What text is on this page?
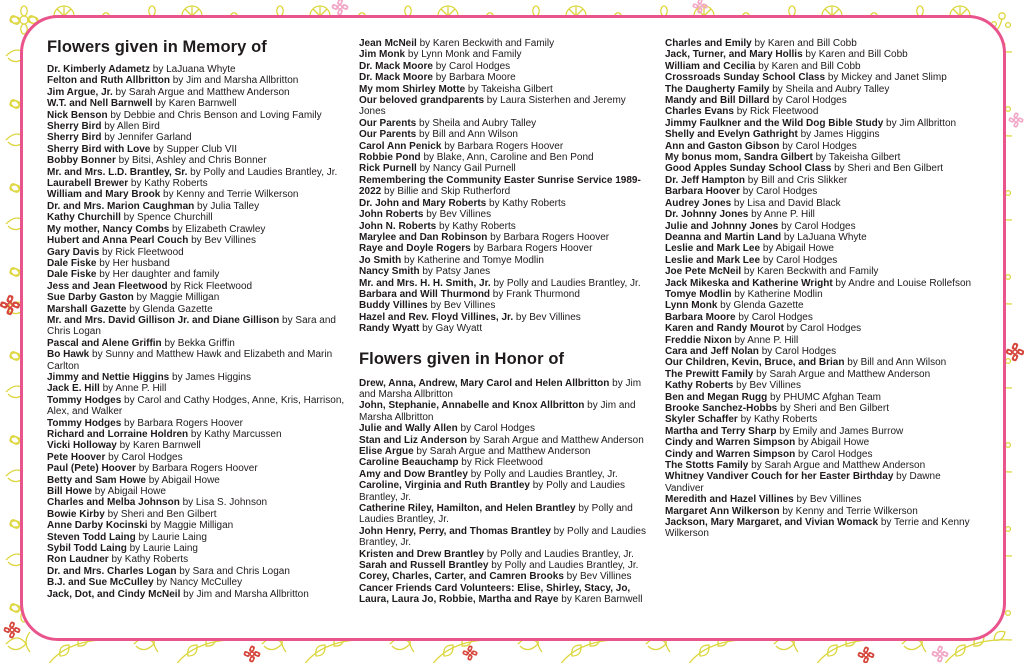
Flowers given in Memory of
Dr. Kimberly Adametz by LaJuana Whyte
Felton and Ruth Allbritton by Jim and Marsha Allbritton
Jim Argue, Jr. by Sarah Argue and Matthew Anderson
W.T. and Nell Barnwell by Karen Barnwell
Nick Benson by Debbie and Chris Benson and Loving Family
Sherry Bird by Allen Bird
Sherry Bird by Jennifer Garland
Sherry Bird with Love by Supper Club VII
Bobby Bonner by Bitsi, Ashley and Chris Bonner
Mr. and Mrs. L.D. Brantley, Sr. by Polly and Laudies Brantley, Jr.
Laurabell Brewer by Kathy Roberts
William and Mary Brook by Kenny and Terrie Wilkerson
Dr. and Mrs. Marion Caughman by Julia Talley
Kathy Churchill by Spence Churchill
My mother, Nancy Combs by Elizabeth Crawley
Hubert and Anna Pearl Couch by Bev Villines
Gary Davis by Rick Fleetwood
Dale Fiske by Her husband
Dale Fiske by Her daughter and family
Jess and Jean Fleetwood by Rick Fleetwood
Sue Darby Gaston by Maggie Milligan
Marshall Gazette by Glenda Gazette
Mr. and Mrs. David Gillison Jr. and Diane Gillison by Sara and Chris Logan
Pascal and Alene Griffin by Bekka Griffin
Bo Hawk by Sunny and Matthew Hawk and Elizabeth and Marin Carlton
Jimmy and Nettie Higgins by James Higgins
Jack E. Hill by Anne P. Hill
Tommy Hodges by Carol and Cathy Hodges, Anne, Kris, Harrison, Alex, and Walker
Tommy Hodges by Barbara Rogers Hoover
Richard and Lorraine Holdren by Kathy Marcussen
Vicki Holloway by Karen Barnwell
Pete Hoover by Carol Hodges
Paul (Pete) Hoover by Barbara Rogers Hoover
Betty and Sam Howe by Abigail Howe
Bill Howe by Abigail Howe
Charles and Melba Johnson by Lisa S. Johnson
Bowie Kirby by Sheri and Ben Gilbert
Anne Darby Kocinski by Maggie Milligan
Steven Todd Laing by Laurie Laing
Sybil Todd Laing by Laurie Laing
Ron Laudner by Kathy Roberts
Dr. and Mrs. Charles Logan by Sara and Chris Logan
B.J. and Sue McCulley by Nancy McCulley
Jack, Dot, and Cindy McNeil by Jim and Marsha Allbritton
Jean McNeil by Karen Beckwith and Family
Jim Monk by Lynn Monk and Family
Dr. Mack Moore by Carol Hodges
Dr. Mack Moore by Barbara Moore
My mom Shirley Motte by Takeisha Gilbert
Our beloved grandparents by Laura Sisterhen and Jeremy Jones
Our Parents by Sheila and Aubry Talley
Our Parents by Bill and Ann Wilson
Carol Ann Penick by Barbara Rogers Hoover
Robbie Pond by Blake, Ann, Caroline and Ben Pond
Rick Purnell by Nancy Gail Purnell
Remembering the Community Easter Sunrise Service 1989-2022 by Billie and Skip Rutherford
Dr. John and Mary Roberts by Kathy Roberts
John Roberts by Bev Villines
John N. Roberts by Kathy Roberts
Marylee and Dan Robinson by Barbara Rogers Hoover
Raye and Doyle Rogers by Barbara Rogers Hoover
Jo Smith by Katherine and Tomye Modlin
Nancy Smith by Patsy Janes
Mr. and Mrs. H. H. Smith, Jr. by Polly and Laudies Brantley, Jr.
Barbara and Will Thurmond by Frank Thurmond
Buddy Villines by Bev Villines
Hazel and Rev. Floyd Villines, Jr. by Bev Villines
Randy Wyatt by Gay Wyatt
Flowers given in Honor of
Drew, Anna, Andrew, Mary Carol and Helen Allbritton by Jim and Marsha Allbritton
John, Stephanie, Annabelle and Knox Allbritton by Jim and Marsha Allbritton
Julie and Wally Allen by Carol Hodges
Stan and Liz Anderson by Sarah Argue and Matthew Anderson
Elise Argue by Sarah Argue and Matthew Anderson
Caroline Beauchamp by Rick Fleetwood
Amy and Dow Brantley by Polly and Laudies Brantley, Jr.
Caroline, Virginia and Ruth Brantley by Polly and Laudies Brantley, Jr.
Catherine Riley, Hamilton, and Helen Brantley by Polly and Laudies Brantley, Jr.
John Henry, Perry, and Thomas Brantley by Polly and Laudies Brantley, Jr.
Kristen and Drew Brantley by Polly and Laudies Brantley, Jr.
Sarah and Russell Brantley by Polly and Laudies Brantley, Jr.
Corey, Charles, Carter, and Camren Brooks by Bev Villines
Cancer Friends Card Volunteers: Elise, Shirley, Stacy, Jo, Laura, Laura Jo, Robbie, Martha and Raye by Karen Barnwell
Charles and Emily by Karen and Bill Cobb
Jack, Turner, and Mary Hollis by Karen and Bill Cobb
William and Cecilia by Karen and Bill Cobb
Crossroads Sunday School Class by Mickey and Janet Slimp
The Daugherty Family by Sheila and Aubry Talley
Mandy and Bill Dillard by Carol Hodges
Charles Evans by Rick Fleetwood
Jimmy Faulkner and the Wild Dog Bible Study by Jim Allbritton
Shelly and Evelyn Gathright by James Higgins
Ann and Gaston Gibson by Carol Hodges
My bonus mom, Sandra Gilbert by Takeisha Gilbert
Good Apples Sunday School Class by Sheri and Ben Gilbert
Dr. Jeff Hampton by Bill and Cris Slikker
Barbara Hoover by Carol Hodges
Audrey Jones by Lisa and David Black
Dr. Johnny Jones by Anne P. Hill
Julie and Johnny Jones by Carol Hodges
Deanna and Martin Land by LaJuana Whyte
Leslie and Mark Lee by Abigail Howe
Leslie and Mark Lee by Carol Hodges
Joe Pete McNeil by Karen Beckwith and Family
Jack Mikeska and Katherine Wright by Andre and Louise Rollefson
Tomye Modlin by Katherine Modlin
Lynn Monk by Glenda Gazette
Barbara Moore by Carol Hodges
Karen and Randy Mourot by Carol Hodges
Freddie Nixon by Anne P. Hill
Cara and Jeff Nolan by Carol Hodges
Our Children, Kevin, Bruce, and Brian by Bill and Ann Wilson
The Prewitt Family by Sarah Argue and Matthew Anderson
Kathy Roberts by Bev Villines
Ben and Megan Rugg by PHUMC Afghan Team
Brooke Sanchez-Hobbs by Sheri and Ben Gilbert
Skyler Schaffer by Kathy Roberts
Martha and Terry Sharp by Emily and James Burrow
Cindy and Warren Simpson by Abigail Howe
Cindy and Warren Simpson by Carol Hodges
The Stotts Family by Sarah Argue and Matthew Anderson
Whitney Vandiver Couch for her Easter Birthday by Dawne Vandiver
Meredith and Hazel Villines by Bev Villines
Margaret Ann Wilkerson by Kenny and Terrie Wilkerson
Jackson, Mary Margaret, and Vivian Womack by Terrie and Kenny Wilkerson
